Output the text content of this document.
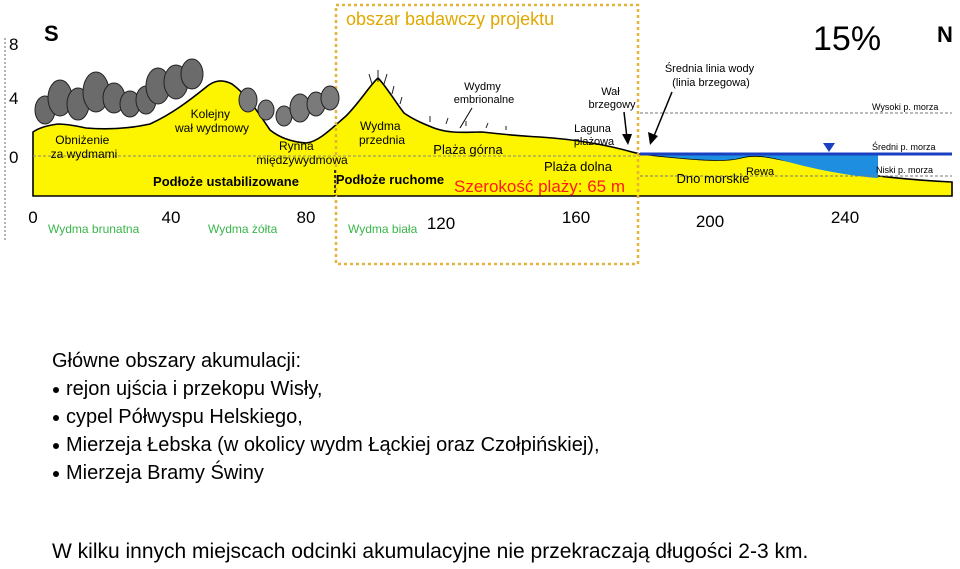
8
4
0
0	40	80	120	160	200	240
S	N
15%
obszar badawczy projektu
Obniżenie za wydmami
Kolejny wał wydmowy
Rynna międzywydmowa
Wydma przednia
Wydmy embrionalne
Wał brzegowy
Laguna plażowa
Plaża górna
Plaża dolna
Dno morskie
Rewa
Średnia linia wody (linia brzegowa)
Podłoże ustabilizowane	Podłoże ruchome Szerokość plaży: 65 m
Wysoki p. morza
Średni p. morza
Niski p. morza
Wydma brunatna	Wydma żółta	Wydma biała

Główne obszary akumulacji:

rejon ujścia i przekopu Wisły,
cypel Półwyspu Helskiego,
Mierzeja Łebska (w okolicy wydm Łąckiej oraz Czołpińskiej),
Mierzeja Bramy Świny
W kilku innych miejscach odcinki akumulacyjne nie przekraczają długości 2-3 km.
